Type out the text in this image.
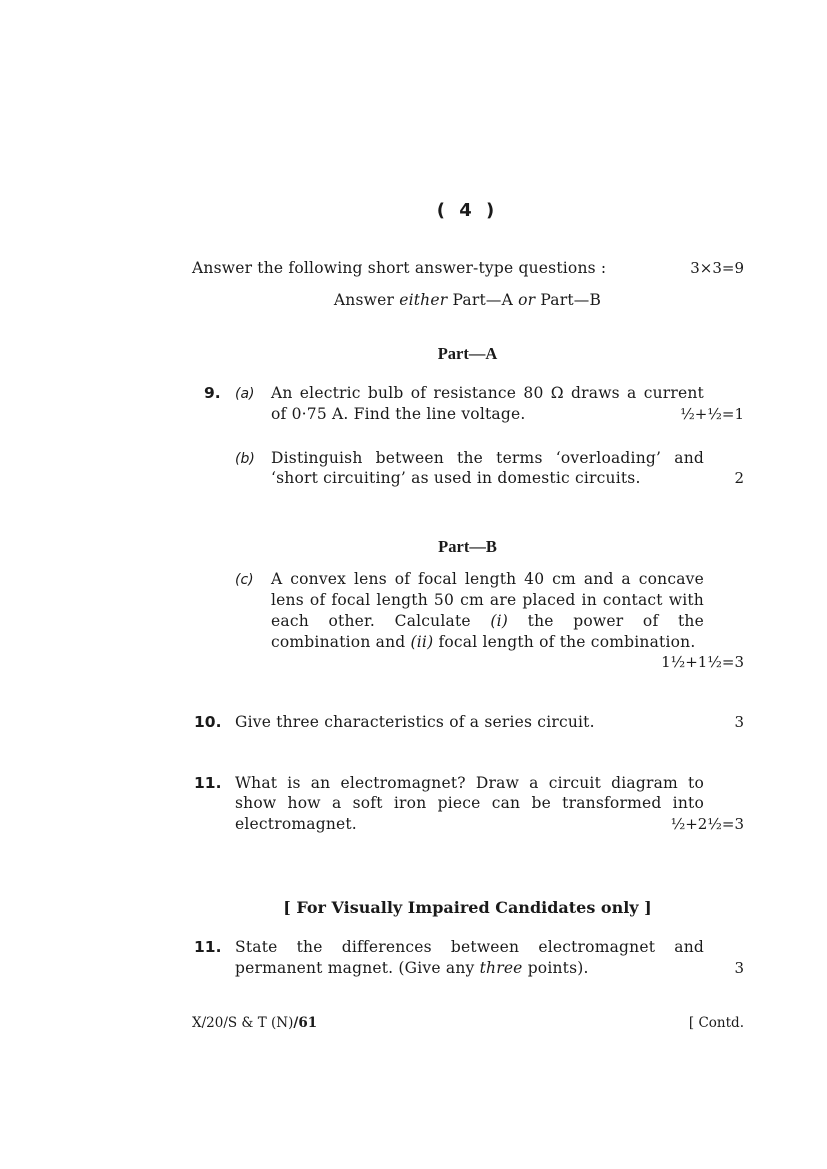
( 4 )
Answer the following short answer-type questions :	3×3=9
Answer either Part—A or Part—B
Part—A
9. (a) An electric bulb of resistance 80 Ω draws a current
of 0·75 A. Find the line voltage.	½+½=1
(b) Distinguish between the terms ‘overloading’ and
‘short circuiting’ as used in domestic circuits.	2
Part—B
(c) A convex lens of focal length 40 cm and a concave
lens of focal length 50 cm are placed in contact with
each other. Calculate (i) the power of the
combination and (ii) focal length of the combination.
1½+1½=3
10. Give three characteristics of a series circuit.	3
11. What is an electromagnet? Draw a circuit diagram to
show how a soft iron piece can be transformed into
electromagnet.	½+2½=3
[ For Visually Impaired Candidates only ]
11. State the differences between electromagnet and
permanent magnet. (Give any three points).	3
X/20/S & T (N)/61	[ Contd.
